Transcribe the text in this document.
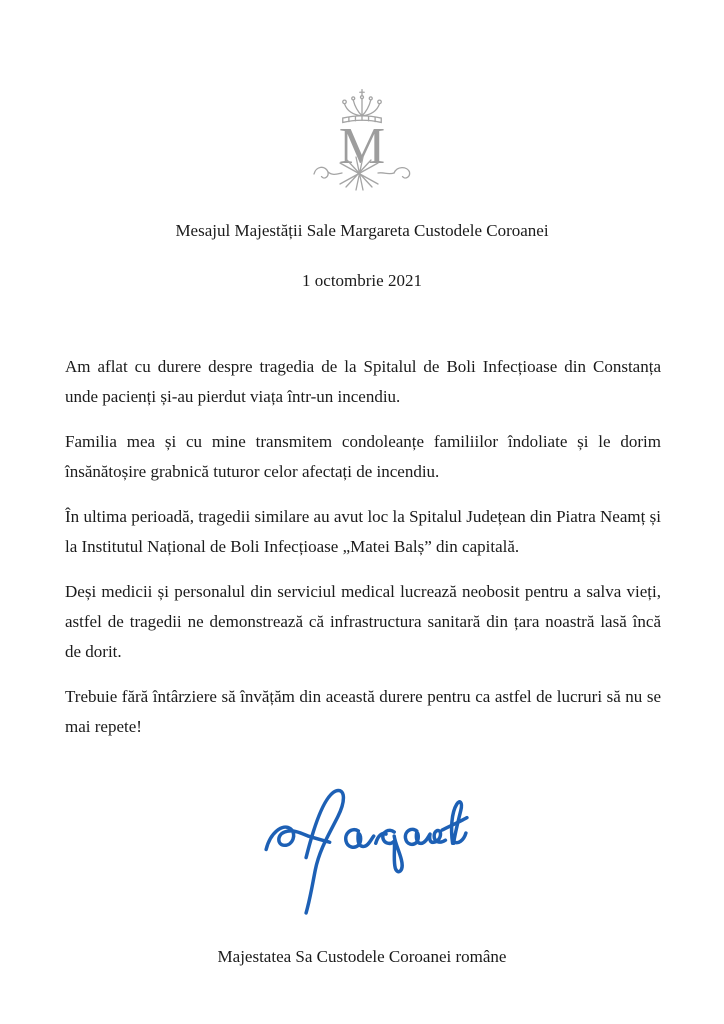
M
Mesajul Majestății Sale Margareta Custodele Coroanei
1 octombrie 2021

Am aflat cu durere despre tragedia de la Spitalul de Boli Infecțioase din Constanța unde pacienți și-au pierdut viața într-un incendiu.

Familia mea și cu mine transmitem condoleanțe familiilor îndoliate și le dorim însănătoșire grabnică tuturor celor afectați de incendiu.

În ultima perioadă, tragedii similare au avut loc la Spitalul Județean din Piatra Neamț și la Institutul Național de Boli Infecțioase „Matei Balș” din capitală.

Deși medicii și personalul din serviciul medical lucrează neobosit pentru a salva vieți, astfel de tragedii ne demonstrează că infrastructura sanitară din țara noastră lasă încă de dorit.

Trebuie fără întârziere să învățăm din această durere pentru ca astfel de lucruri să nu se mai repete!

Majestatea Sa Custodele Coroanei române
